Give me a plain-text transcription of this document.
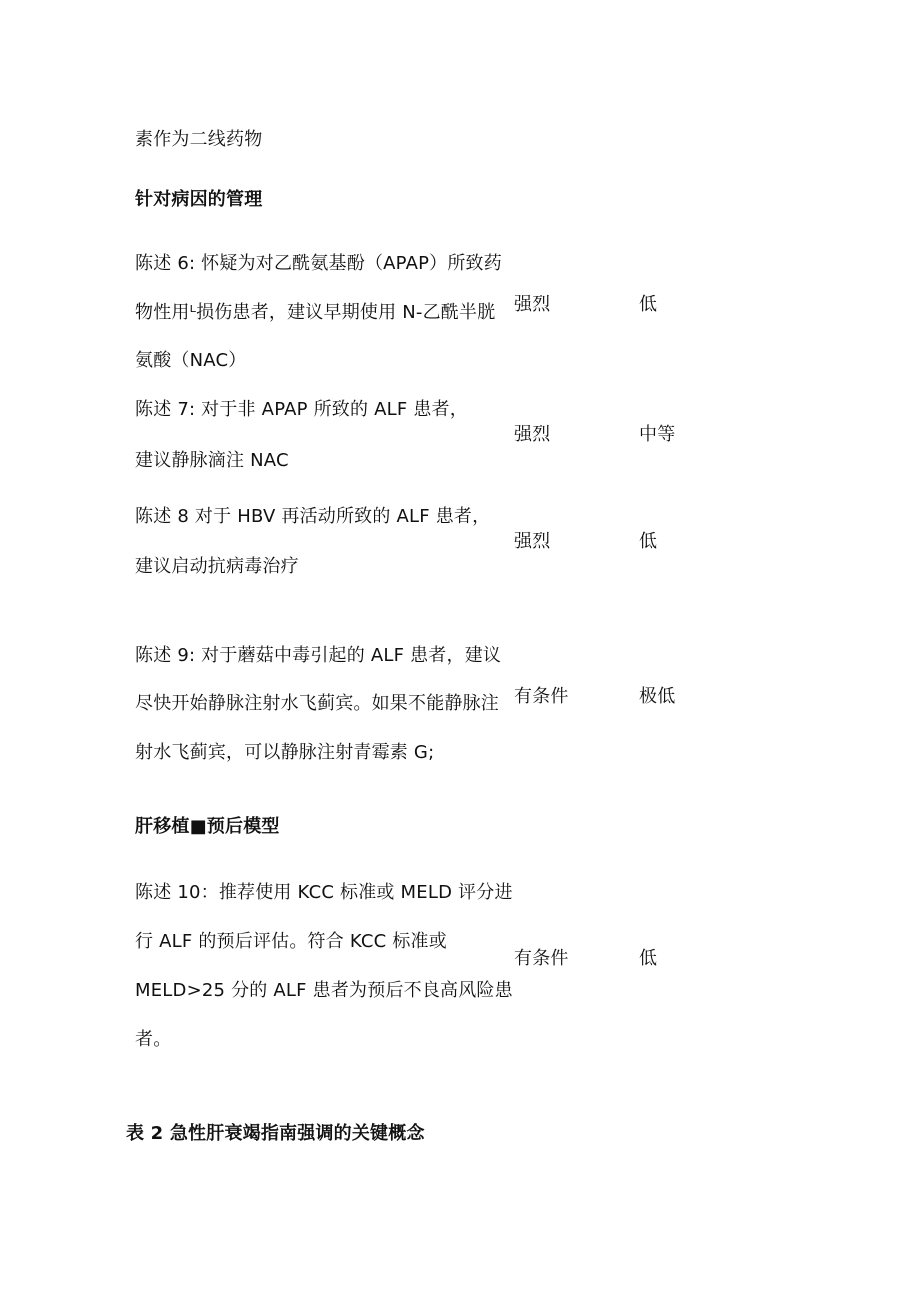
素作为二线药物
针对病因的管理
陈述 6: 怀疑为对乙酰氨基酚（APAP）所致药
物性用ᴸ损伤患者，建议早期使用 N-乙酰半胱
氨酸（NAC）
强烈	低
陈述 7: 对于非 APAP 所致的 ALF 患者，
建议静脉滴注 NAC
强烈	中等
陈述 8 对于 HBV 再活动所致的 ALF 患者，
建议启动抗病毒治疗
强烈	低
陈述 9: 对于蘑菇中毒引起的 ALF 患者，建议
尽快开始静脉注射水飞蓟宾。如果不能静脉注
射水飞蓟宾，可以静脉注射青霉素 G;
有条件	极低
肝移植■预后模型
陈述 10：推荐使用 KCC 标准或 MELD 评分进
行 ALF 的预后评估。符合 KCC 标准或
MELD>25 分的 ALF 患者为预后不良高风险患
者。
有条件	低
表 2 急性肝衰竭指南强调的关键概念
